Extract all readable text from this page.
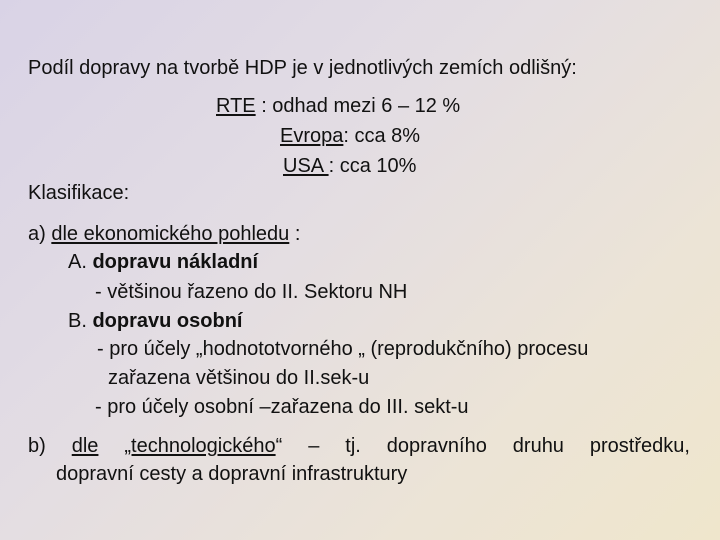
Podíl dopravy na tvorbě HDP je v jednotlivých zemích odlišný:
RTE : odhad mezi 6 – 12 %
Evropa: cca 8%
USA : cca 10%
Klasifikace:
a) dle ekonomického pohledu :
A. dopravu nákladní
- většinou řazeno do II. Sektoru NH
B. dopravu osobní
- pro účely „hodnototvorného „ (reprodukčního) procesu
zařazena většinou do II.sek-u
- pro účely osobní –zařazena do III. sekt-u
b) dle „technologického“ – tj. dopravního druhu prostředku,
dopravní cesty a dopravní infrastruktury
